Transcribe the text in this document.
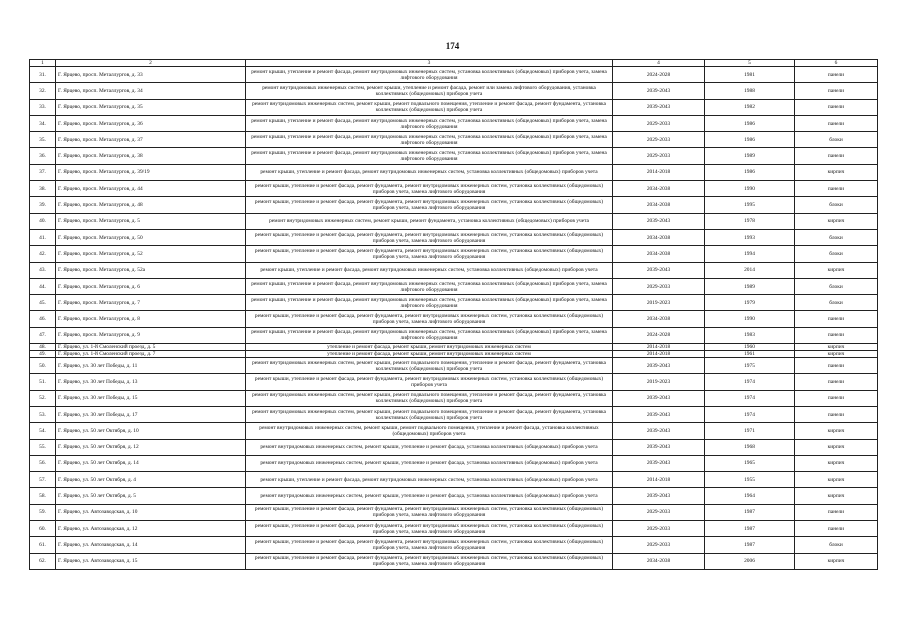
174
1	2	3	4	5	6
31.	Г. Ярцево, просп. Металлургов, д. 33	ремонт крыши, утепление и ремонт фасада, ремонт внутридомовых инженерных систем, установка коллективных (общедомовых) приборов учета, замена лифтового оборудования	2024-2028	1981	панели
32.	Г. Ярцево, просп. Металлургов, д. 34	ремонт внутридомовых инженерных систем, ремонт крыши, утепление и ремонт фасада, ремонт или замена лифтового оборудования, установка коллективных (общедомовых) приборов учета	2039-2043	1988	панели
33.	Г. Ярцево, просп. Металлургов, д. 35	ремонт внутридомовых инженерных систем, ремонт крыши, ремонт подвального помещения, утепление и ремонт фасада, ремонт фундамента, установка коллективных (общедомовых) приборов учета	2039-2043	1982	панели
34.	Г. Ярцево, просп. Металлургов, д. 36	ремонт крыши, утепление и ремонт фасада, ремонт внутридомовых инженерных систем, установка коллективных (общедомовых) приборов учета, замена лифтового оборудования	2029-2033	1986	панели
35.	Г. Ярцево, просп. Металлургов, д. 37	ремонт крыши, утепление и ремонт фасада, ремонт внутридомовых инженерных систем, установка коллективных (общедомовых) приборов учета, замена лифтового оборудования	2029-2033	1986	блоки
36.	Г. Ярцево, просп. Металлургов, д. 38	ремонт крыши, утепление и ремонт фасада, ремонт внутридомовых инженерных систем, установка коллективных (общедомовых) приборов учета, замена лифтового оборудования	2029-2033	1989	панели
37.	Г. Ярцево, просп. Металлургов, д. 39/19	ремонт крыши, утепление и ремонт фасада, ремонт внутридомовых инженерных систем, установка коллективных (общедомовых) приборов учета	2014-2018	1986	кирпич
38.	Г. Ярцево, просп. Металлургов, д. 44	ремонт крыши, утепление и ремонт фасада, ремонт фундамента, ремонт внутридомовых инженерных систем, установка коллективных (общедомовых) приборов учета, замена лифтового оборудования	2034-2038	1990	панели
39.	Г. Ярцево, просп. Металлургов, д. 48	ремонт крыши, утепление и ремонт фасада, ремонт фундамента, ремонт внутридомовых инженерных систем, установка коллективных (общедомовых) приборов учета, замена лифтового оборудования	2034-2038	1995	блоки
40.	Г. Ярцево, просп. Металлургов, д. 5	ремонт внутридомовых инженерных систем, ремонт крыши, ремонт фундамента, установка коллективных (общедомовых) приборов учета	2039-2043	1978	кирпич
41.	Г. Ярцево, просп. Металлургов, д. 50	ремонт крыши, утепление и ремонт фасада, ремонт фундамента, ремонт внутридомовых инженерных систем, установка коллективных (общедомовых) приборов учета, замена лифтового оборудования	2034-2038	1993	блоки
42.	Г. Ярцево, просп. Металлургов, д. 52	ремонт крыши, утепление и ремонт фасада, ремонт фундамента, ремонт внутридомовых инженерных систем, установка коллективных (общедомовых) приборов учета, замена лифтового оборудования	2034-2038	1994	блоки
43.	Г. Ярцево, просп. Металлургов, д. 52а	ремонт крыши, утепление и ремонт фасада, ремонт внутридомовых инженерных систем, установка коллективных (общедомовых) приборов учета	2039-2043	2014	кирпич
44.	Г. Ярцево, просп. Металлургов, д. 6	ремонт крыши, утепление и ремонт фасада, ремонт внутридомовых инженерных систем, установка коллективных (общедомовых) приборов учета, замена лифтового оборудования	2029-2033	1989	блоки
45.	Г. Ярцево, просп. Металлургов, д. 7	ремонт крыши, утепление и ремонт фасада, ремонт внутридомовых инженерных систем, установка коллективных (общедомовых) приборов учета, замена лифтового оборудования	2019-2023	1979	блоки
46.	Г. Ярцево, просп. Металлургов, д. 8	ремонт крыши, утепление и ремонт фасада, ремонт фундамента, ремонт внутридомовых инженерных систем, установка коллективных (общедомовых) приборов учета, замена лифтового оборудования	2034-2038	1990	панели
47.	Г. Ярцево, просп. Металлургов, д. 9	ремонт крыши, утепление и ремонт фасада, ремонт внутридомовых инженерных систем, установка коллективных (общедомовых) приборов учета, замена лифтового оборудования	2024-2028	1983	панели
48.	Г. Ярцево, ул. 1-й Смоленский проезд, д. 5	утепление и ремонт фасада, ремонт крыши, ремонт внутридомовых инженерных систем	2014-2018	1960	кирпич
49.	Г. Ярцево, ул. 1-й Смоленский проезд, д. 7	утепление и ремонт фасада, ремонт крыши, ремонт внутридомовых инженерных систем	2014-2018	1961	кирпич
50.	Г. Ярцево, ул. 30 лет Победы, д. 11	ремонт внутридомовых инженерных систем, ремонт крыши, ремонт подвального помещения, утепление и ремонт фасада, ремонт фундамента, установка коллективных (общедомовых) приборов учета	2039-2043	1975	панели
51.	Г. Ярцево, ул. 30 лет Победы, д. 13	ремонт крыши, утепление и ремонт фасада, ремонт фундамента, ремонт внутридомовых инженерных систем, установка коллективных (общедомовых) приборов учета	2019-2023	1974	панели
52.	Г. Ярцево, ул. 30 лет Победы, д. 15	ремонт внутридомовых инженерных систем, ремонт крыши, ремонт подвального помещения, утепление и ремонт фасада, ремонт фундамента, установка коллективных (общедомовых) приборов учета	2039-2043	1974	панели
53.	Г. Ярцево, ул. 30 лет Победы, д. 17	ремонт внутридомовых инженерных систем, ремонт крыши, ремонт подвального помещения, утепление и ремонт фасада, ремонт фундамента, установка коллективных (общедомовых) приборов учета	2039-2043	1974	панели
54.	Г. Ярцево, ул. 50 лет Октября, д. 10	ремонт внутридомовых инженерных систем, ремонт крыши, ремонт подвального помещения, утепление и ремонт фасада, установка коллективных (общедомовых) приборов учета	2039-2043	1971	кирпич
55.	Г. Ярцево, ул. 50 лет Октября, д. 12	ремонт внутридомовых инженерных систем, ремонт крыши, утепление и ремонт фасада, установка коллективных (общедомовых) приборов учета	2039-2043	1968	кирпич
56.	Г. Ярцево, ул. 50 лет Октября, д. 14	ремонт внутридомовых инженерных систем, ремонт крыши, утепление и ремонт фасада, установка коллективных (общедомовых) приборов учета	2039-2043	1965	кирпич
57.	Г. Ярцево, ул. 50 лет Октября, д. 4	ремонт крыши, утепление и ремонт фасада, ремонт внутридомовых инженерных систем, установка коллективных (общедомовых) приборов учета	2014-2018	1955	кирпич
58.	Г. Ярцево, ул. 50 лет Октября, д. 5	ремонт внутридомовых инженерных систем, ремонт крыши, утепление и ремонт фасада, установка коллективных (общедомовых) приборов учета	2039-2043	1964	кирпич
59.	Г. Ярцево, ул. Автозаводская, д. 10	ремонт крыши, утепление и ремонт фасада, ремонт фундамента, ремонт внутридомовых инженерных систем, установка коллективных (общедомовых) приборов учета, замена лифтового оборудования	2029-2033	1987	панели
60.	Г. Ярцево, ул. Автозаводская, д. 12	ремонт крыши, утепление и ремонт фасада, ремонт фундамента, ремонт внутридомовых инженерных систем, установка коллективных (общедомовых) приборов учета, замена лифтового оборудования	2029-2033	1987	панели
61.	Г. Ярцево, ул. Автозаводская, д. 14	ремонт крыши, утепление и ремонт фасада, ремонт фундамента, ремонт внутридомовых инженерных систем, установка коллективных (общедомовых) приборов учета, замена лифтового оборудования	2029-2033	1987	блоки
62.	Г. Ярцево, ул. Автозаводская, д. 15	ремонт крыши, утепление и ремонт фасада, ремонт фундамента, ремонт внутридомовых инженерных систем, установка коллективных (общедомовых) приборов учета, замена лифтового оборудования	2034-2038	2006	кирпич
